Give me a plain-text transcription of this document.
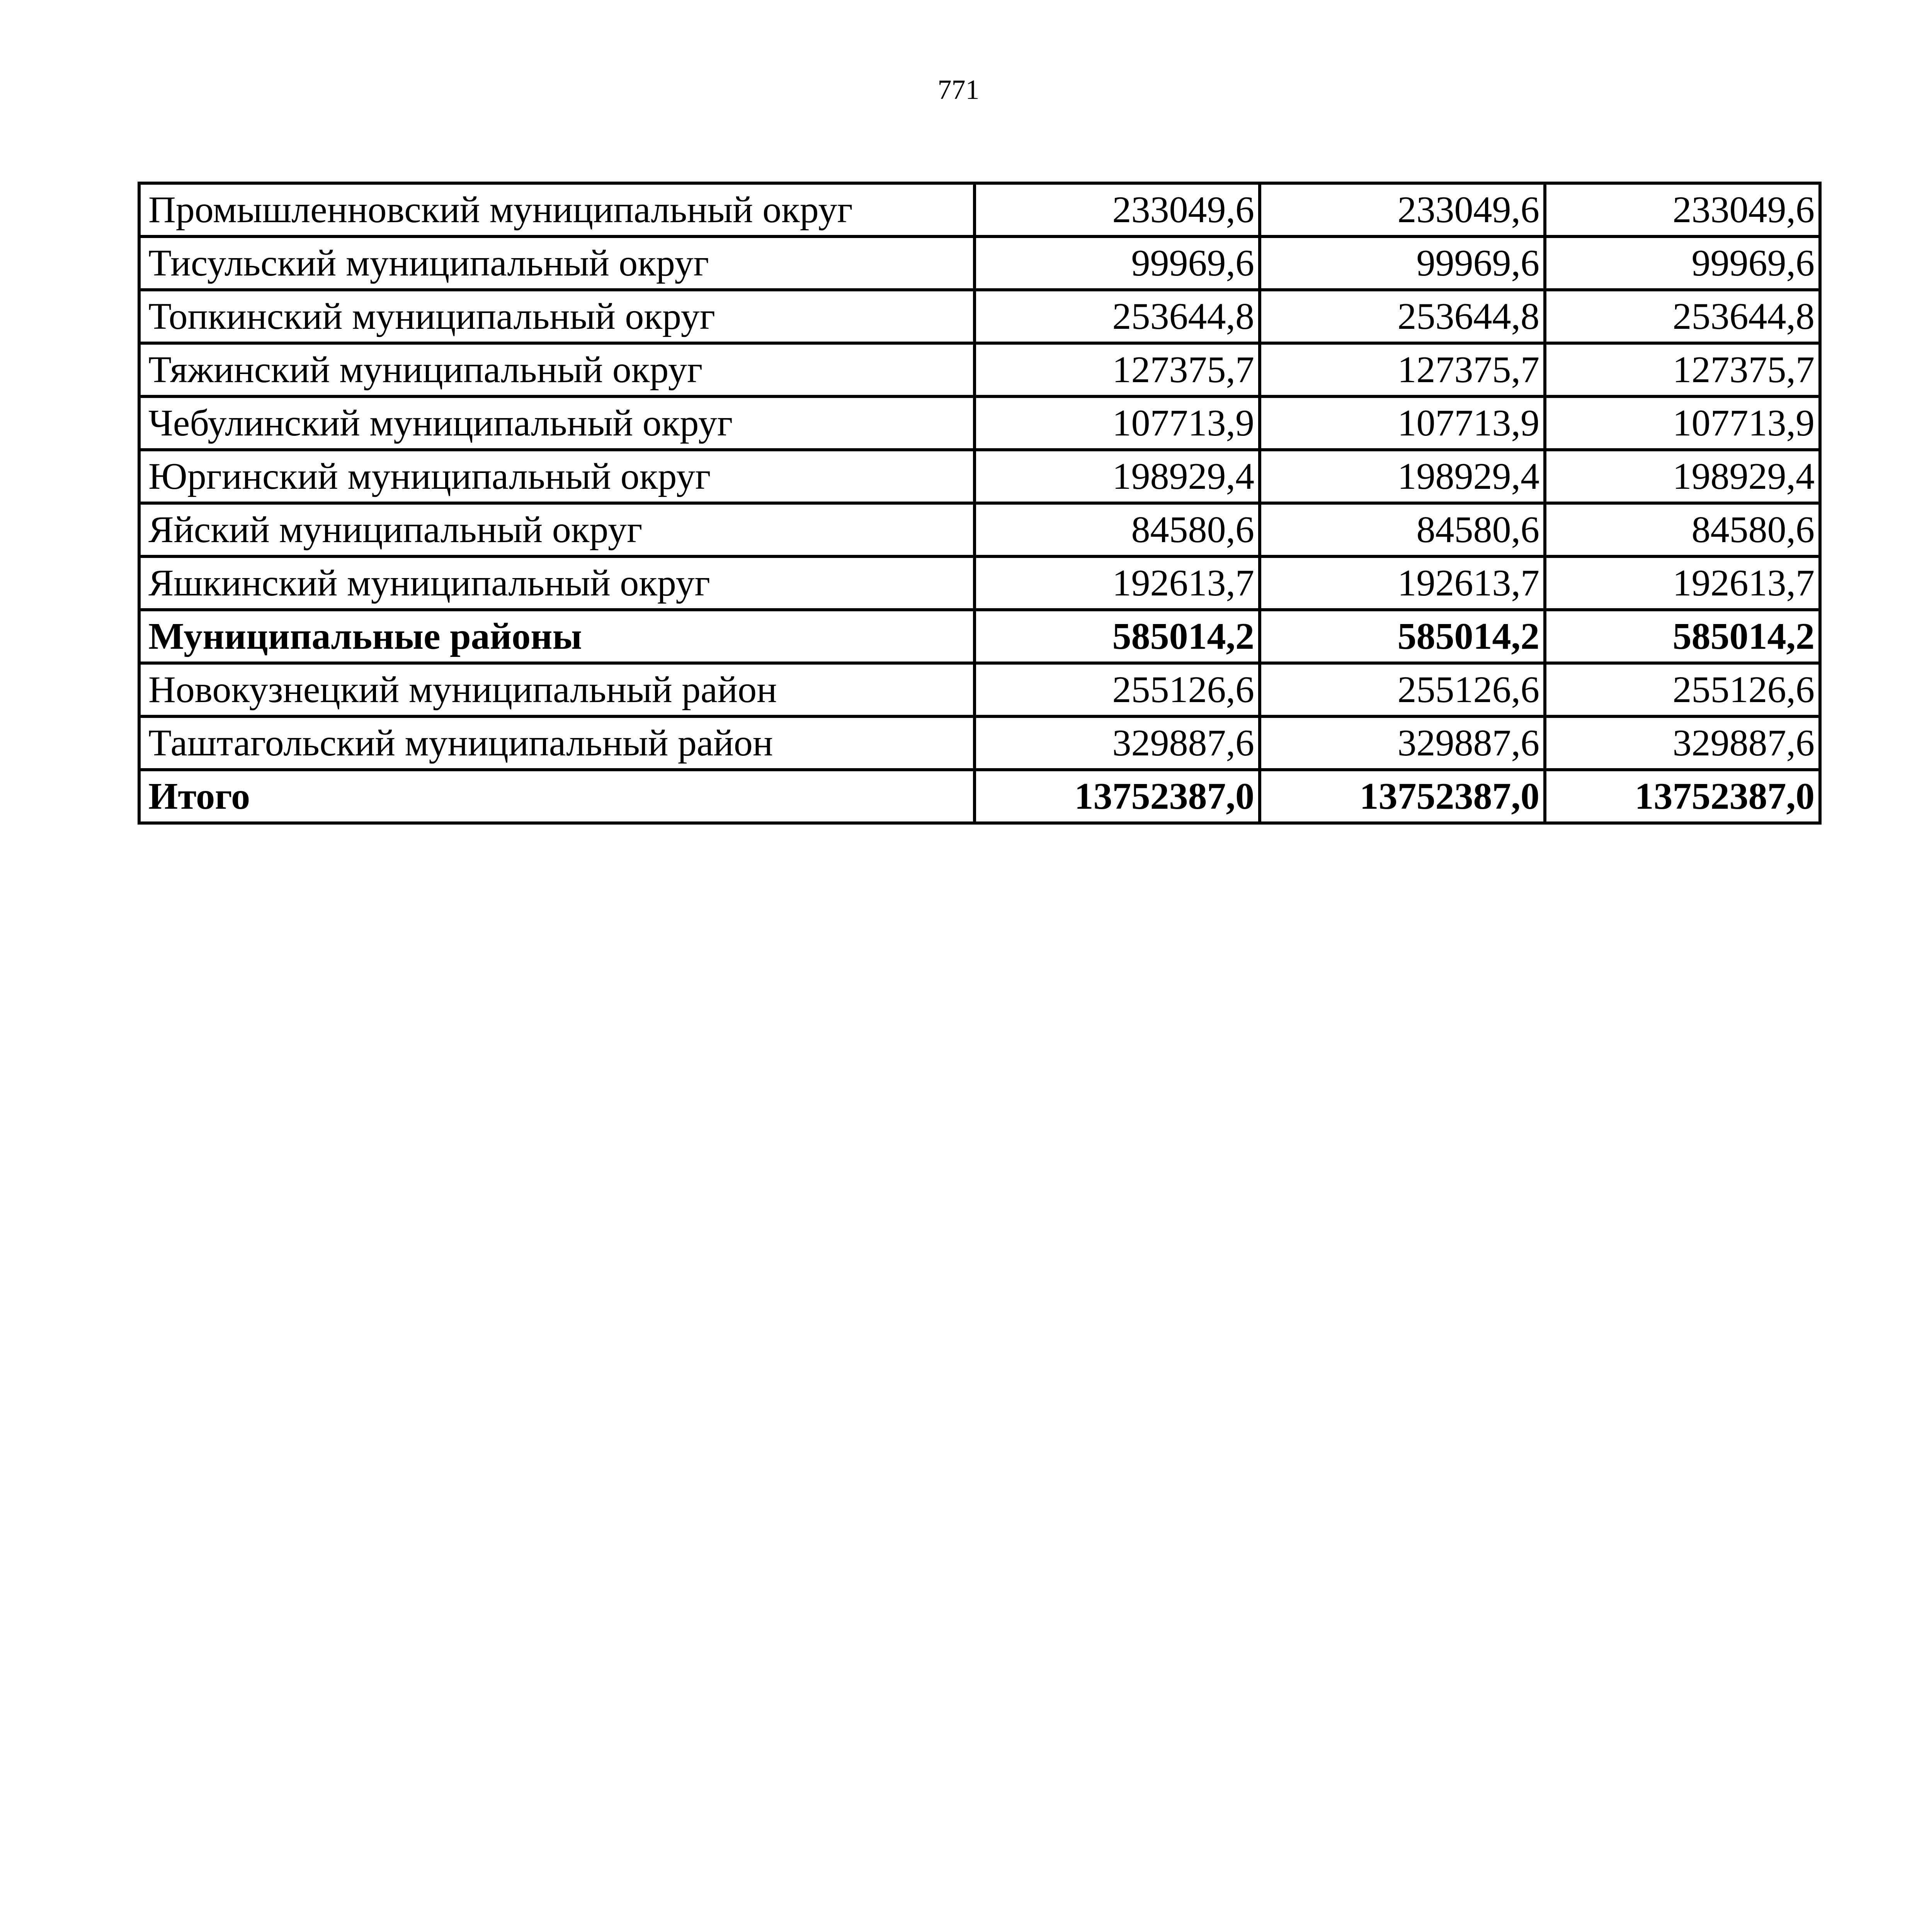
771
Промышленновский муниципальный округ	233049,6	233049,6	233049,6
Тисульский муниципальный округ	99969,6	99969,6	99969,6
Топкинский муниципальный округ	253644,8	253644,8	253644,8
Тяжинский муниципальный округ	127375,7	127375,7	127375,7
Чебулинский муниципальный округ	107713,9	107713,9	107713,9
Юргинский муниципальный округ	198929,4	198929,4	198929,4
Яйский муниципальный округ	84580,6	84580,6	84580,6
Яшкинский муниципальный округ	192613,7	192613,7	192613,7
Муниципальные районы	585014,2	585014,2	585014,2
Новокузнецкий муниципальный район	255126,6	255126,6	255126,6
Таштагольский муниципальный район	329887,6	329887,6	329887,6
Итого	13752387,0	13752387,0	13752387,0
